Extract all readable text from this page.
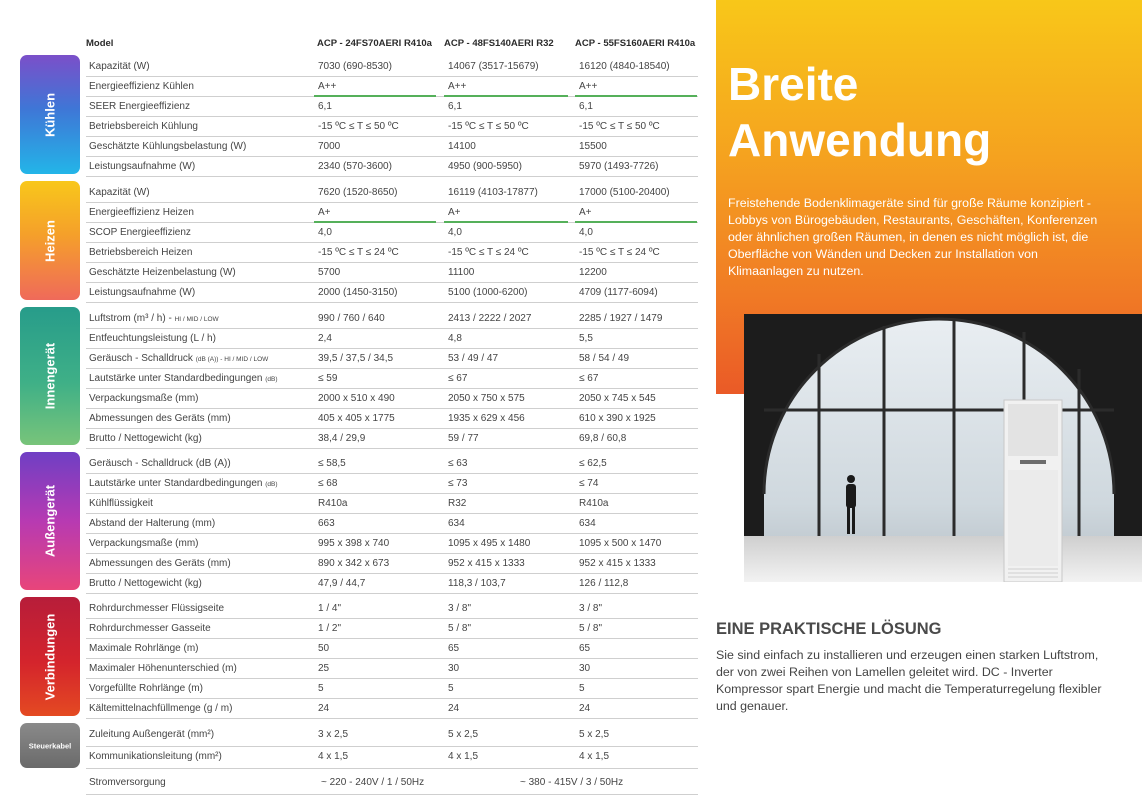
Model	ACP - 24FS70AERI R410a ACP - 48FS140AERI R32 ACP - 55FS160AERI R410a
Kühlen
Heizen
Innengerät
Außengerät
Verbindungen
Steuerkabel
Kapazität (W)	7030 (690-8530)	14067 (3517-15679)	16120 (4840-18540)
Energieeffizienz Kühlen	A++	A++	A++
SEER Energieeffizienz	6,1	6,1	6,1
Betriebsbereich Kühlung	-15 ºC ≤ T ≤ 50 ºC	-15 ºC ≤ T ≤ 50 ºC	-15 ºC ≤ T ≤ 50 ºC
Geschätzte Kühlungsbelastung (W)	7000	14100	15500
Leistungsaufnahme (W)	2340 (570-3600)	4950 (900-5950)	5970 (1493-7726)
Kapazität (W)	7620 (1520-8650)	16119 (4103-17877)	17000 (5100-20400)
Energieeffizienz Heizen	A+	A+	A+
SCOP Energieeffizienz	4,0	4,0	4,0
Betriebsbereich Heizen	-15 ºC ≤ T ≤ 24 ºC	-15 ºC ≤ T ≤ 24 ºC	-15 ºC ≤ T ≤ 24 ºC
Geschätzte Heizenbelastung (W)	5700	11100	12200
Leistungsaufnahme (W)	2000 (1450-3150)	5100 (1000-6200)	4709 (1177-6094)
Luftstrom (m³ / h) - HI / MID / LOW	990 / 760 / 640	2413 / 2222 / 2027	2285 / 1927 / 1479
Entfeuchtungsleistung (L / h)	2,4	4,8	5,5
Geräusch - Schalldruck (dB (A)) - HI / MID / LOW	39,5 / 37,5 / 34,5	53 / 49 / 47	58 / 54 / 49
Lautstärke unter Standardbedingungen (dB)	≤ 59	≤ 67	≤ 67
Verpackungsmaße (mm)	2000 x 510 x 490	2050 x 750 x 575	2050 x 745 x 545
Abmessungen des Geräts (mm)	405 x 405 x 1775	1935 x 629 x 456	610 x 390 x 1925
Brutto / Nettogewicht (kg)	38,4 / 29,9	59 / 77	69,8 / 60,8
Geräusch - Schalldruck (dB (A))	≤ 58,5	≤ 63	≤ 62,5
Lautstärke unter Standardbedingungen (dB)	≤ 68	≤ 73	≤ 74
Kühlflüssigkeit	R410a	R32	R410a
Abstand der Halterung (mm)	663	634	634
Verpackungsmaße (mm)	995 x 398 x 740	1095 x 495 x 1480	1095 x 500 x 1470
Abmessungen des Geräts (mm)	890 x 342 x 673	952 x 415 x 1333	952 x 415 x 1333
Brutto / Nettogewicht (kg)	47,9 / 44,7	118,3 / 103,7	126 / 112,8
Rohrdurchmesser Flüssigseite	1 / 4"	3 / 8"	3 / 8"
Rohrdurchmesser Gasseite	1 / 2"	5 / 8"	5 / 8"
Maximale Rohrlänge (m)	50	65	65
Maximaler Höhenunterschied (m)	25	30	30
Vorgefüllte Rohrlänge (m)	5	5	5
Kältemittelnachfüllmenge (g / m)	24	24	24
Zuleitung Außengerät (mm²)	3 x 2,5	5 x 2,5	5 x 2,5
Kommunikationsleitung (mm²)	4 x 1,5	4 x 1,5	4 x 1,5
Stromversorgung	~ 220 - 240V / 1 / 50Hz	~ 380 - 415V / 3 / 50Hz
Breite
Anwendung
Freistehende Bodenklimageräte sind für große Räume konzipiert - Lobbys von Bürogebäuden, Restaurants, Geschäften, Konferenzen oder ähnlichen großen Räumen, in denen es nicht möglich ist, die Oberfläche von Wänden und Decken zur Installation von Klimaanlagen zu nutzen.
EINE PRAKTISCHE LÖSUNG
Sie sind einfach zu installieren und erzeugen einen starken Luftstrom, der von zwei Reihen von Lamellen geleitet wird. DC - Inverter Kompressor spart Energie und macht die Temperaturregelung flexibler und genauer.
